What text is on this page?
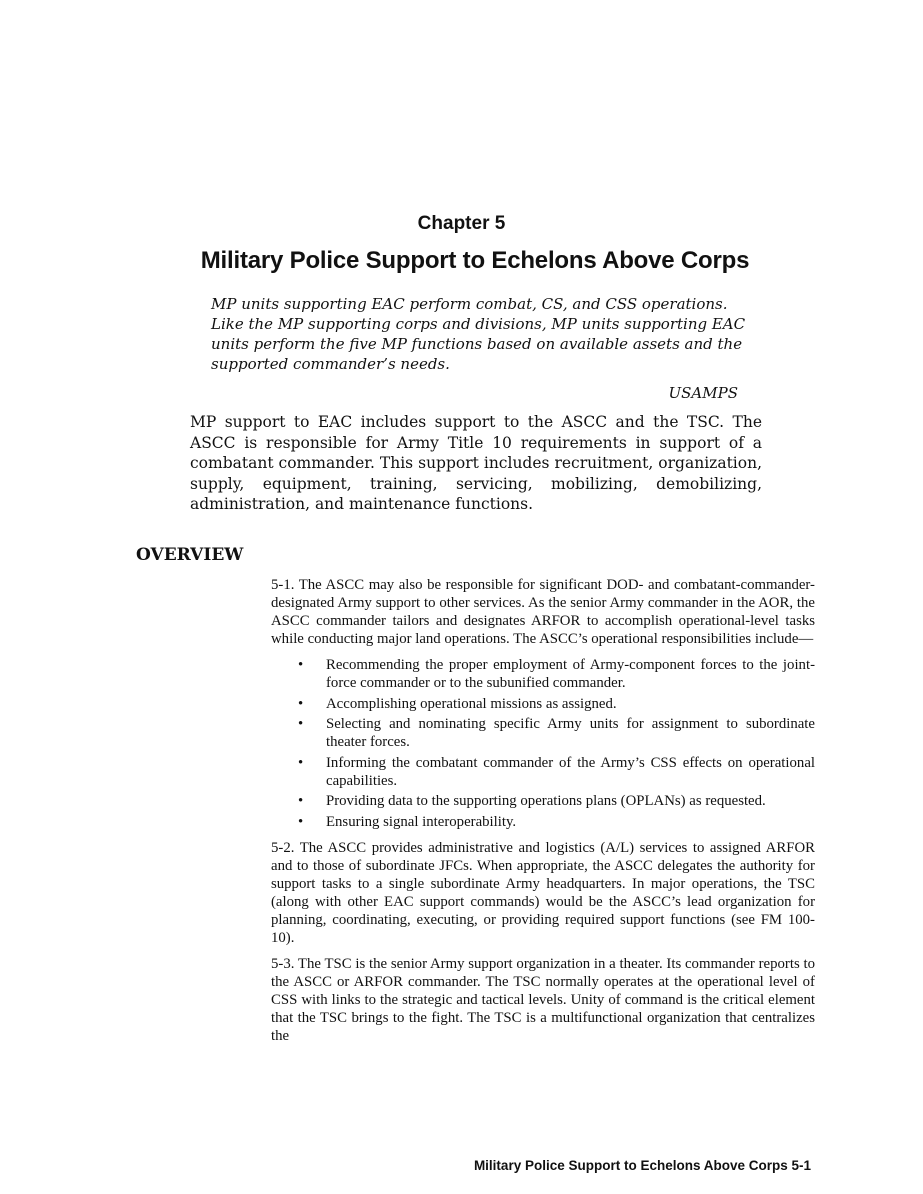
Chapter 5
Military Police Support to Echelons Above Corps

MP units supporting EAC perform combat, CS, and CSS operations. Like the MP supporting corps and divisions, MP units supporting EAC units perform the five MP functions based on available assets and the supported commander’s needs.

USAMPS

MP support to EAC includes support to the ASCC and the TSC. The ASCC is responsible for Army Title 10 requirements in support of a combatant commander. This support includes recruitment, organization, supply, equipment, training, servicing, mobilizing, demobilizing, administration, and maintenance functions.

OVERVIEW

5-1. The ASCC may also be responsible for significant DOD- and combatant-commander-designated Army support to other services. As the senior Army commander in the AOR, the ASCC commander tailors and designates ARFOR to accomplish operational-level tasks while conducting major land operations. The ASCC’s operational responsibilities include—

• Recommending the proper employment of Army-component forces to the joint-force commander or to the subunified commander.
• Accomplishing operational missions as assigned.
• Selecting and nominating specific Army units for assignment to subordinate theater forces.
• Informing the combatant commander of the Army’s CSS effects on operational capabilities.
• Providing data to the supporting operations plans (OPLANs) as requested.
• Ensuring signal interoperability.

5-2. The ASCC provides administrative and logistics (A/L) services to assigned ARFOR and to those of subordinate JFCs. When appropriate, the ASCC delegates the authority for support tasks to a single subordinate Army headquarters. In major operations, the TSC (along with other EAC support commands) would be the ASCC’s lead organization for planning, coordinating, executing, or providing required support functions (see FM 100-10).

5-3. The TSC is the senior Army support organization in a theater. Its commander reports to the ASCC or ARFOR commander. The TSC normally operates at the operational level of CSS with links to the strategic and tactical levels. Unity of command is the critical element that the TSC brings to the fight. The TSC is a multifunctional organization that centralizes the

Military Police Support to Echelons Above Corps 5-1
